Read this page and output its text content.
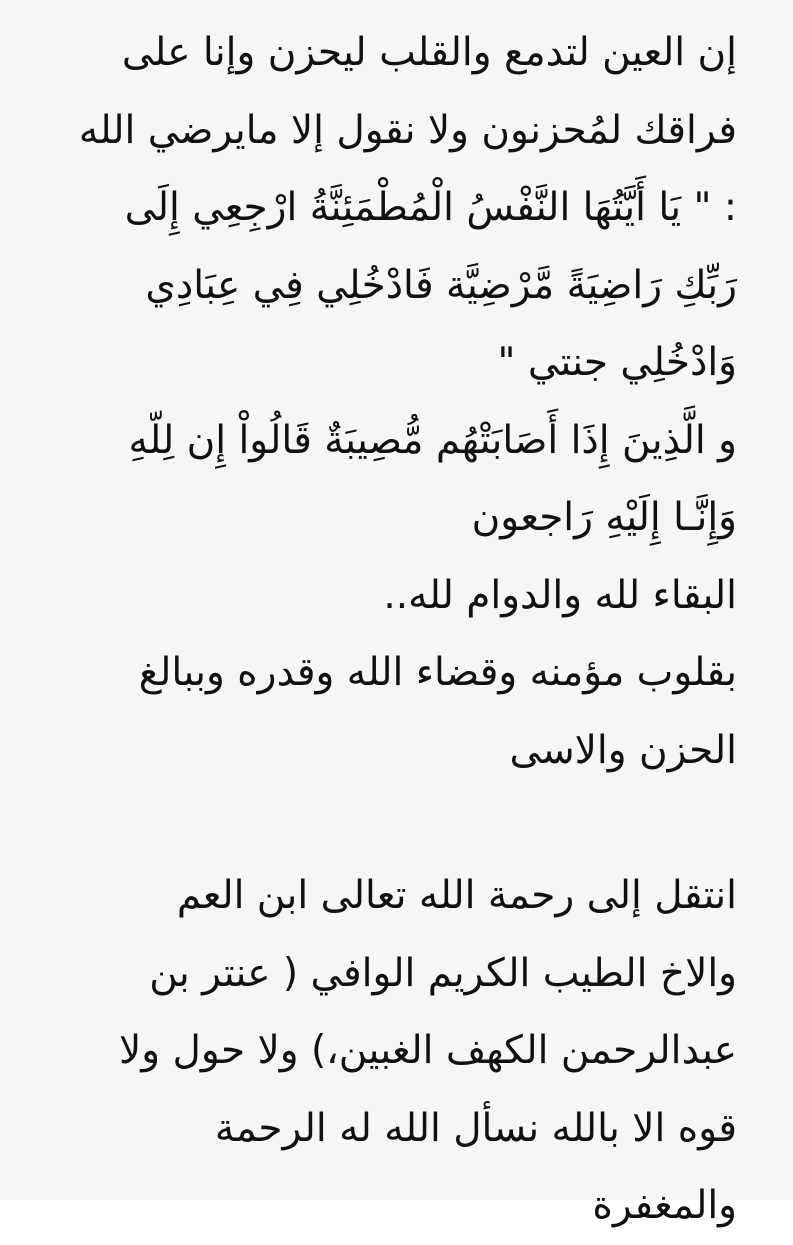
إن العين لتدمع والقلب ليحزن وإنا على
فراقك لمُحزنون ولا نقول إلا مايرضي الله
: " يَا أَيَّتُهَا النَّفْسُ الْمُطْمَئِنَّةُ ارْجِعِي إِلَى
رَبِّكِ رَاضِيَةً مَّرْضِيَّة فَادْخُلِي فِي عِبَادِي
وَادْخُلِي جنتي "
و الَّذِينَ إِذَا أَصَابَتْهُم مُّصِيبَةٌ قَالُواْ إِن لِلّهِ
وَإِنَّـا إِلَيْهِ رَاجعون
البقاء لله والدوام لله..
بقلوب مؤمنه وقضاء الله وقدره وببالغ
الحزن والاسى
انتقل إلى رحمة الله تعالى ابن العم
والاخ الطيب الكريم الوافي ( عنتر بن
عبدالرحمن الكهف الغبين،) ولا حول ولا
قوه الا بالله نسأل الله له الرحمة
والمغفرة
